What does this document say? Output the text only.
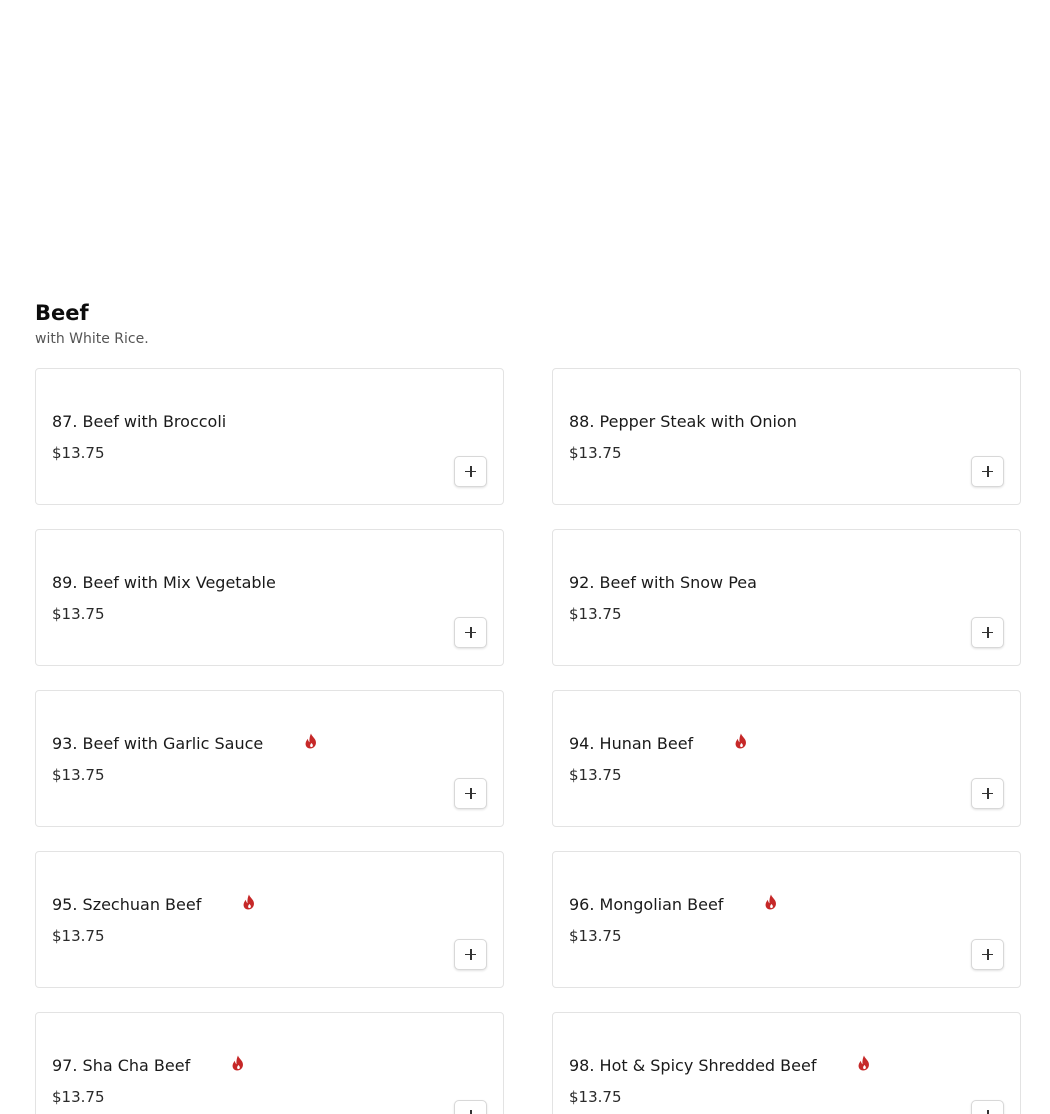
Beef

with White Rice.

87. Beef with Broccoli
$13.75
88. Pepper Steak with Onion
$13.75
89. Beef with Mix Vegetable
$13.75
92. Beef with Snow Pea
$13.75
93. Beef with Garlic Sauce
$13.75
94. Hunan Beef
$13.75
95. Szechuan Beef
$13.75
96. Mongolian Beef
$13.75
97. Sha Cha Beef
$13.75
98. Hot & Spicy Shredded Beef
$13.75
